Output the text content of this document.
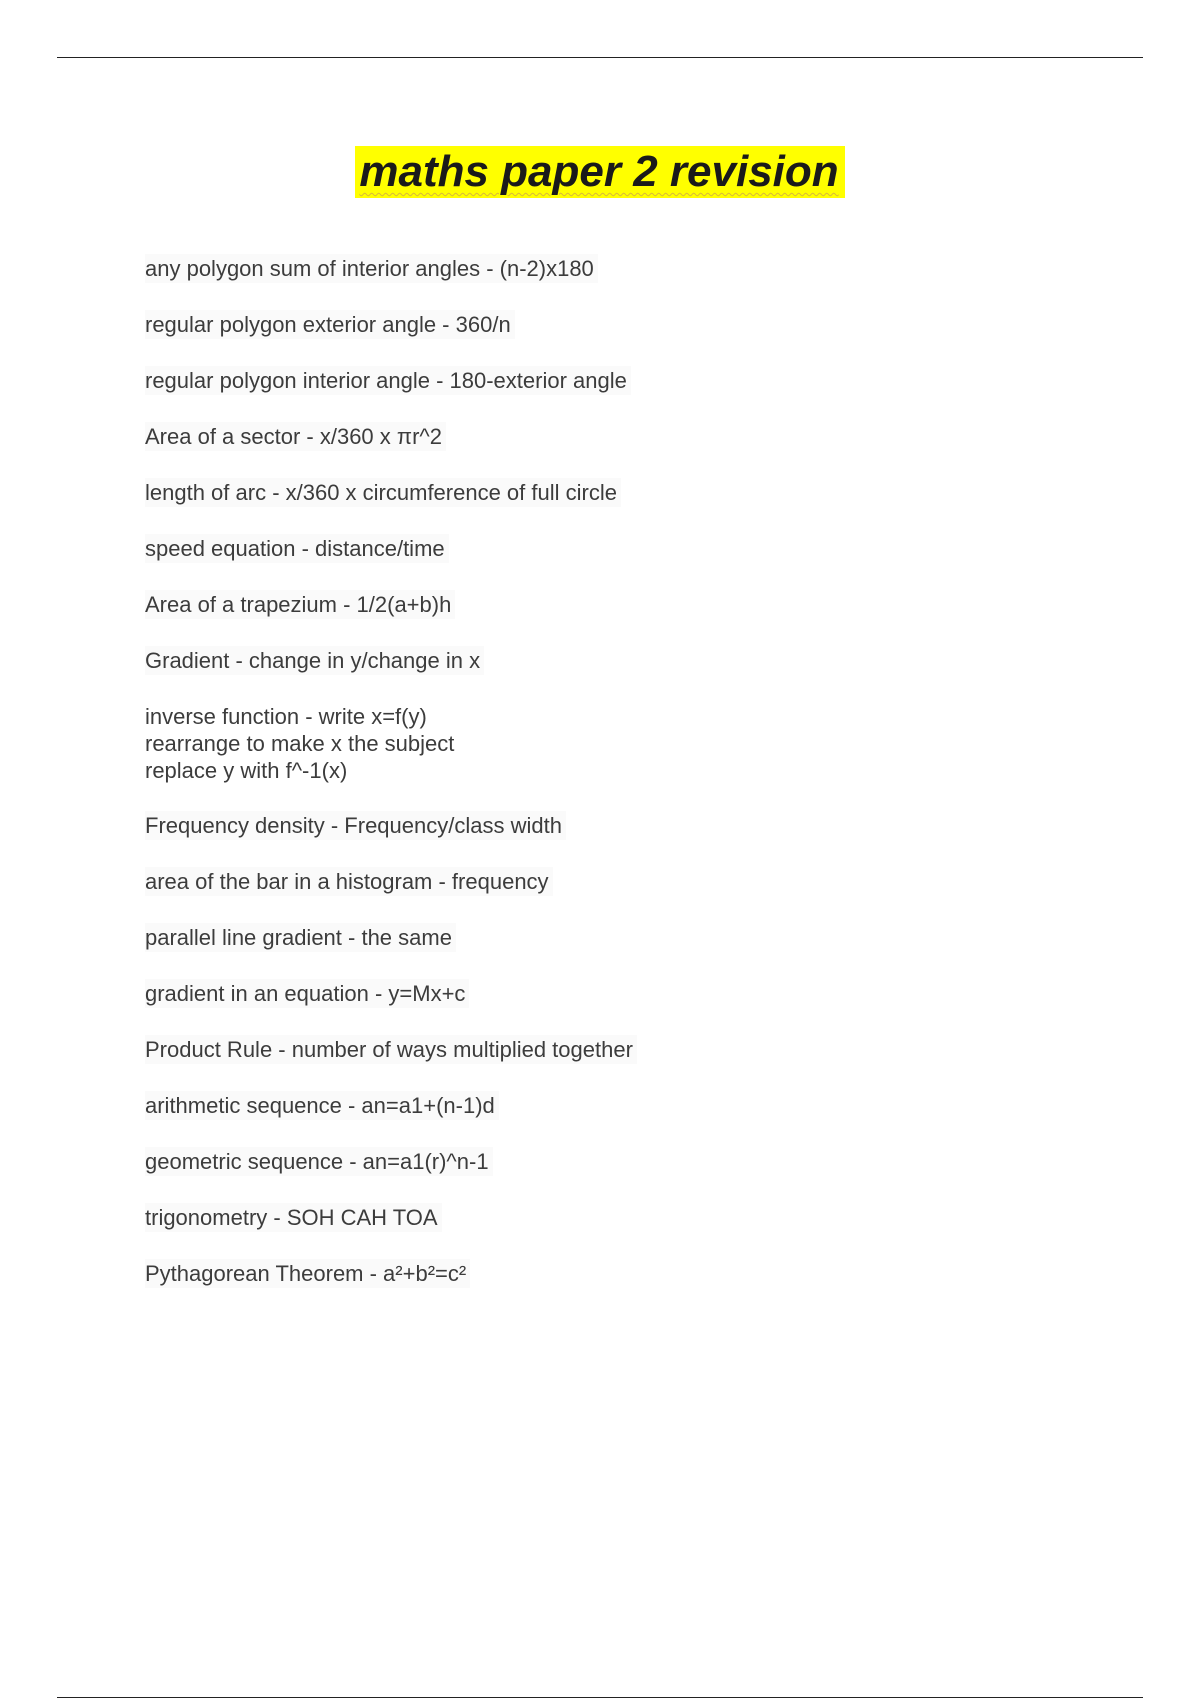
maths paper 2 revision
any polygon sum of interior angles - (n-2)x180
regular polygon exterior angle - 360/n
regular polygon interior angle - 180-exterior angle
Area of a sector - x/360 x πr^2
length of arc - x/360 x circumference of full circle
speed equation - distance/time
Area of a trapezium - 1/2(a+b)h
Gradient - change in y/change in x
inverse function - write x=f(y)
rearrange to make x the subject
replace y with f^-1(x)
Frequency density - Frequency/class width
area of the bar in a histogram - frequency
parallel line gradient - the same
gradient in an equation - y=Mx+c
Product Rule - number of ways multiplied together
arithmetic sequence - an=a1+(n-1)d
geometric sequence - an=a1(r)^n-1
trigonometry - SOH CAH TOA
Pythagorean Theorem - a²+b²=c²
